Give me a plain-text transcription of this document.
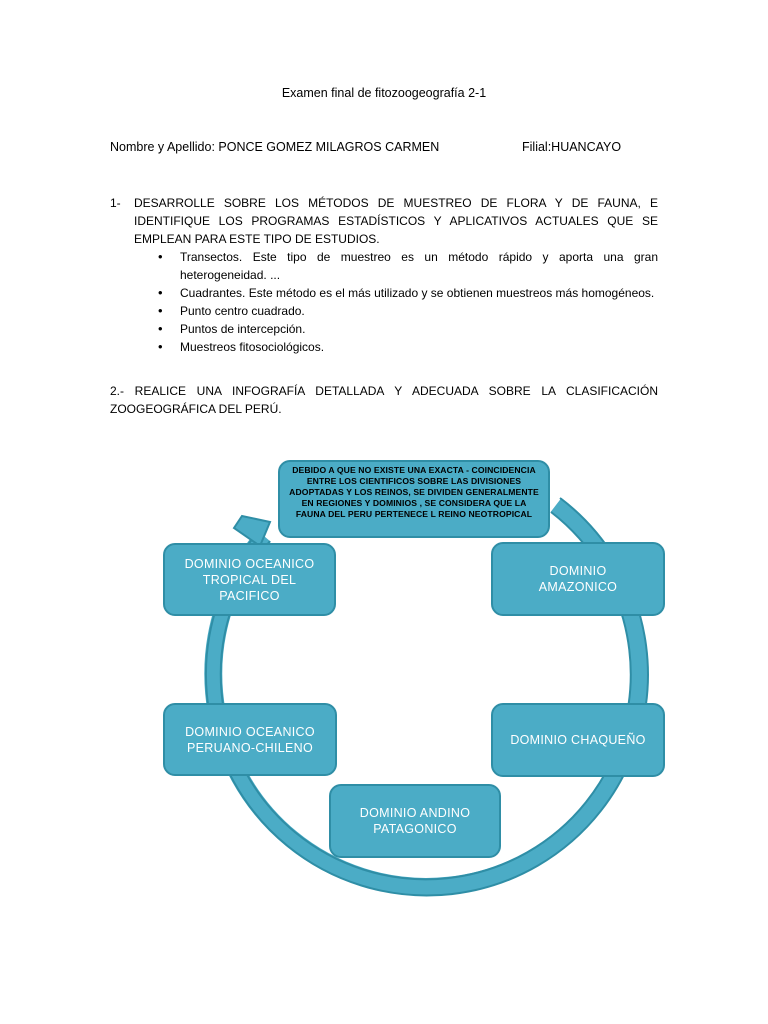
Examen final de fitozoogeografía 2-1
Nombre y Apellido: PONCE GOMEZ MILAGROS CARMEN	Filial:HUANCAYO
1- DESARROLLE SOBRE LOS MÉTODOS DE MUESTREO DE FLORA Y DE FAUNA, E IDENTIFIQUE LOS PROGRAMAS ESTADÍSTICOS Y APLICATIVOS ACTUALES QUE SE EMPLEAN PARA ESTE TIPO DE ESTUDIOS.
• Transectos. Este tipo de muestreo es un método rápido y aporta una gran heterogeneidad. ...
• Cuadrantes. Este método es el más utilizado y se obtienen muestreos más homogéneos.
• Punto centro cuadrado.
• Puntos de intercepción.
• Muestreos fitosociológicos.
2.- REALICE UNA INFOGRAFÍA DETALLADA Y ADECUADA SOBRE LA CLASIFICACIÓN ZOOGEOGRÁFICA DEL PERÚ.
DEBIDO A QUE NO EXISTE UNA EXACTA - COINCIDENCIA ENTRE LOS CIENTIFICOS SOBRE LAS DIVISIONES ADOPTADAS Y LOS REINOS, SE DIVIDEN GENERALMENTE EN REGIONES Y DOMINIOS , SE CONSIDERA QUE LA FAUNA DEL PERU PERTENECE L REINO NEOTROPICAL
DOMINIO OCEANICO TROPICAL DEL PACIFICO
DOMINIO AMAZONICO
DOMINIO OCEANICO PERUANO-CHILENO
DOMINIO CHAQUEÑO
DOMINIO ANDINO PATAGONICO
